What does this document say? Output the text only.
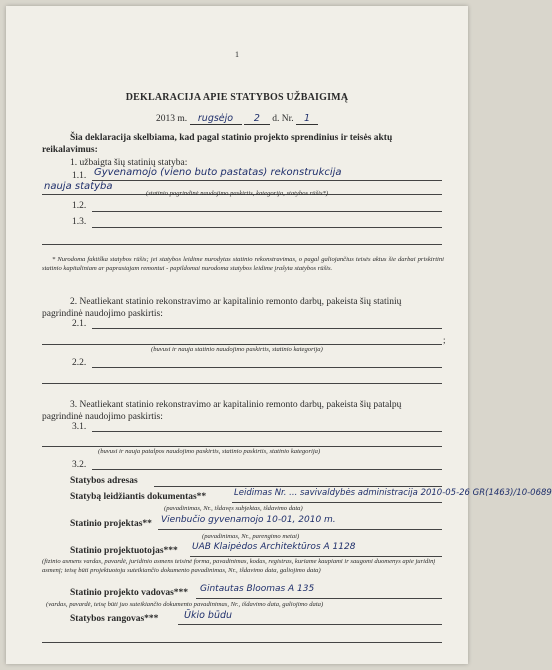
1
DEKLARACIJA APIE STATYBOS UŽBAIGIMĄ
2013 m. rugsėjo 2 d. Nr. 1
Šia deklaracija skelbiama, kad pagal statinio projekto sprendinius ir teisės aktų reikalavimus:
1. užbaigta šių statinių statyba:
1.1. Gyvenamojo (vieno buto pastatas) rekonstrukcija
nauja statyba
(statinio pagrindinė naudojimo paskirtis, kategorija, statybos rūšis*)
1.2.
1.3.
* Nurodoma faktiška statybos rūšis; jei statybos leidime nurodytas statinio rekonstravimas, o pagal galiojančius teisės aktus šie darbai priskirtini statinio kapitaliniam ar paprastajam remontui - papildomai nurodoma statybos leidime įrašyta statybos rūšis.
2. Neatliekant statinio rekonstravimo ar kapitalinio remonto darbų, pakeista šių statinių pagrindinė naudojimo paskirtis:
2.1.
;
(buvusi ir nauja statinio naudojimo paskirtis, statinio kategorija)
2.2.
3. Neatliekant statinio rekonstravimo ar kapitalinio remonto darbų, pakeista šių patalpų pagrindinė naudojimo paskirtis:
3.1.
(buvusi ir nauja patalpos naudojimo paskirtis, statinio paskirtis, statinio kategorija)
3.2.
Statybos adresas
Statybą leidžiantis dokumentas**	Leidimas Nr. ... savivaldybės administracija 2010-05-26 GR(1463)/10-0689
(pavadinimas, Nr., išdavęs subjektas, išdavimo data)
Statinio projektas** Vienbučio gyvenamojo 10-01, 2010 m.
(pavadinimas, Nr., parengimo metai)
Statinio projektuotojas*** UAB Klaipėdos Architektūros A 1128
(fizinio asmens vardas, pavardė, juridinio asmens teisinė forma, pavadinimas, kodas, registras, kuriame kaupiami ir saugomi duomenys apie juridinį asmenį; teisę būti projektuotoju suteikiančio dokumento pavadinimas, Nr., išdavimo data, galiojimo data)
Statinio projekto vadovas*** Gintautas Bloomas A 135
(vardas, pavardė, teisę būti juo suteikiančio dokumento pavadinimas, Nr., išdavimo data, galiojimo data)
Statybos rangovas***	Ūkio būdu
